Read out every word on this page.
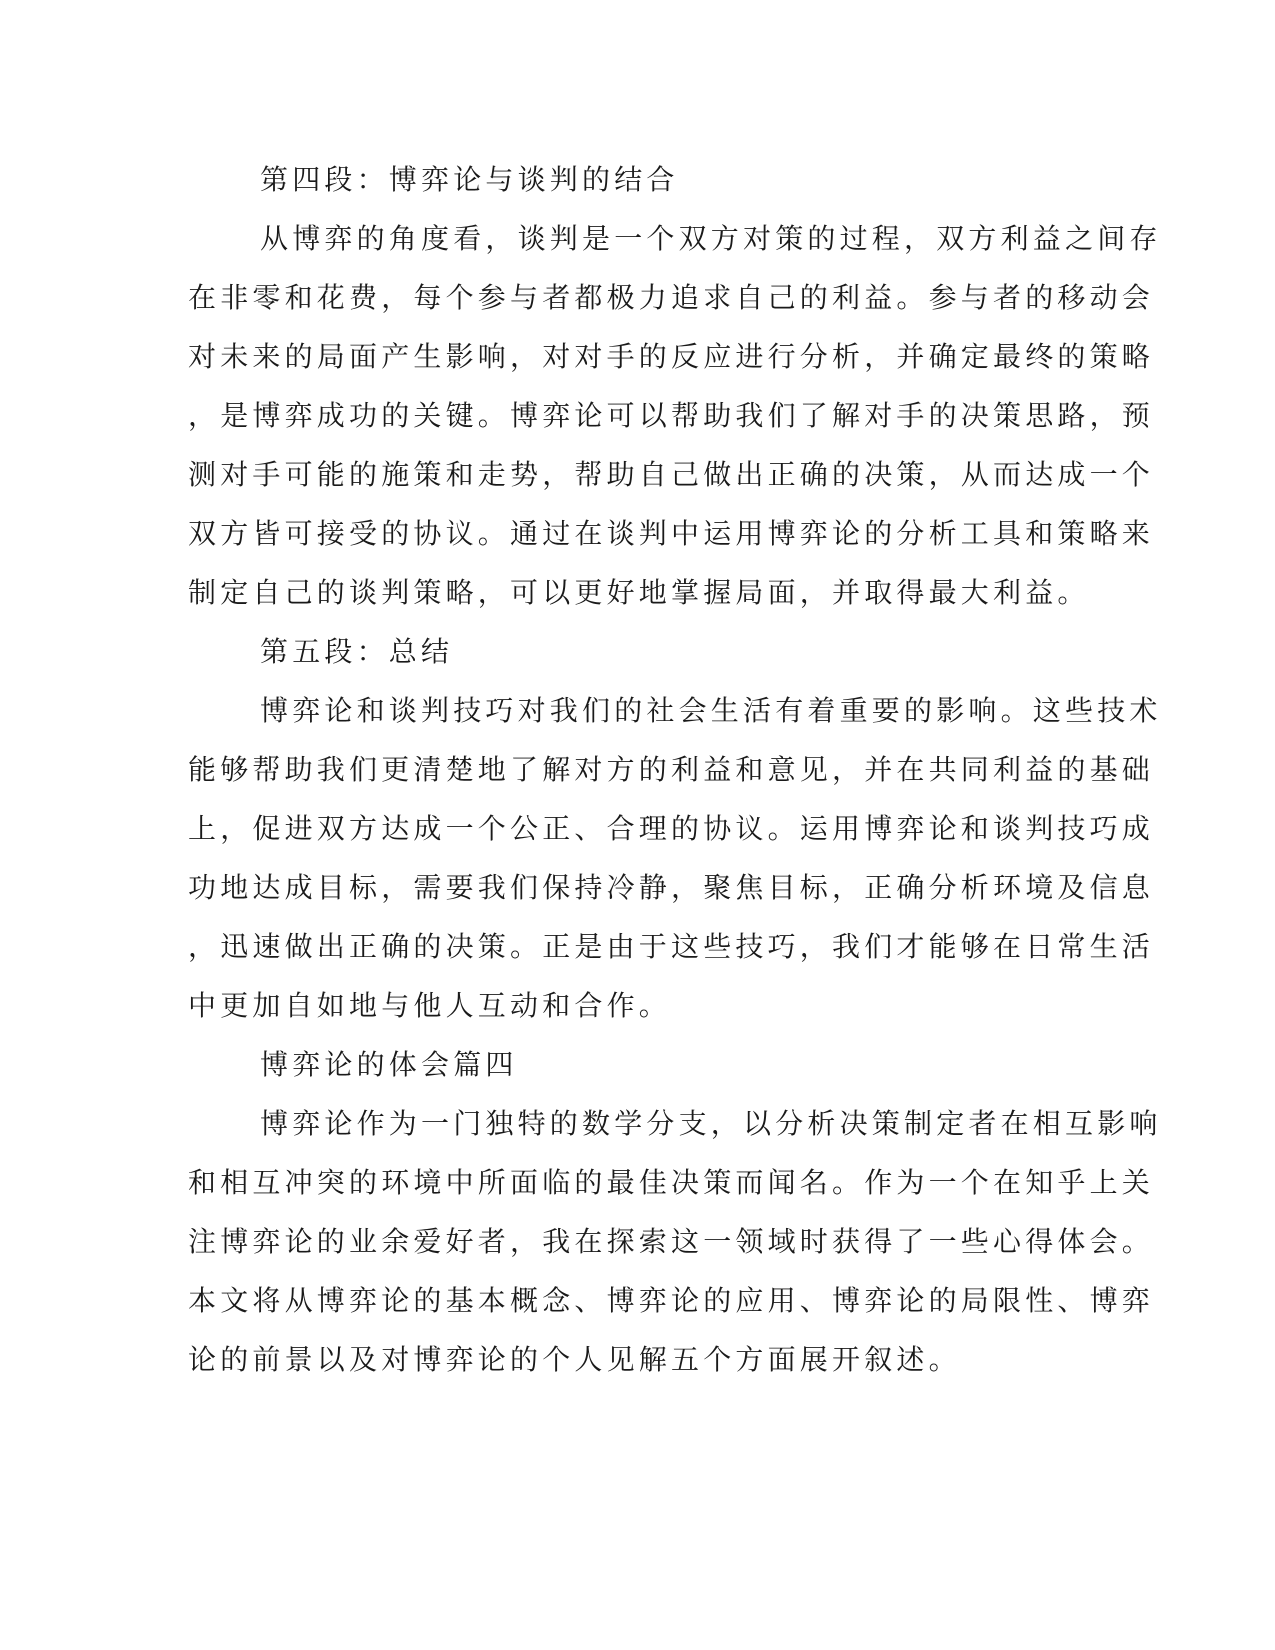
第四段：博弈论与谈判的结合
从博弈的角度看，谈判是一个双方对策的过程，双方利益之间存
在非零和花费，每个参与者都极力追求自己的利益。参与者的移动会
对未来的局面产生影响，对对手的反应进行分析，并确定最终的策略
，是博弈成功的关键。博弈论可以帮助我们了解对手的决策思路，预
测对手可能的施策和走势，帮助自己做出正确的决策，从而达成一个
双方皆可接受的协议。通过在谈判中运用博弈论的分析工具和策略来
制定自己的谈判策略，可以更好地掌握局面，并取得最大利益。
第五段：总结
博弈论和谈判技巧对我们的社会生活有着重要的影响。这些技术
能够帮助我们更清楚地了解对方的利益和意见，并在共同利益的基础
上，促进双方达成一个公正、合理的协议。运用博弈论和谈判技巧成
功地达成目标，需要我们保持冷静，聚焦目标，正确分析环境及信息
，迅速做出正确的决策。正是由于这些技巧，我们才能够在日常生活
中更加自如地与他人互动和合作。
博弈论的体会篇四
博弈论作为一门独特的数学分支，以分析决策制定者在相互影响
和相互冲突的环境中所面临的最佳决策而闻名。作为一个在知乎上关
注博弈论的业余爱好者，我在探索这一领域时获得了一些心得体会。
本文将从博弈论的基本概念、博弈论的应用、博弈论的局限性、博弈
论的前景以及对博弈论的个人见解五个方面展开叙述。
